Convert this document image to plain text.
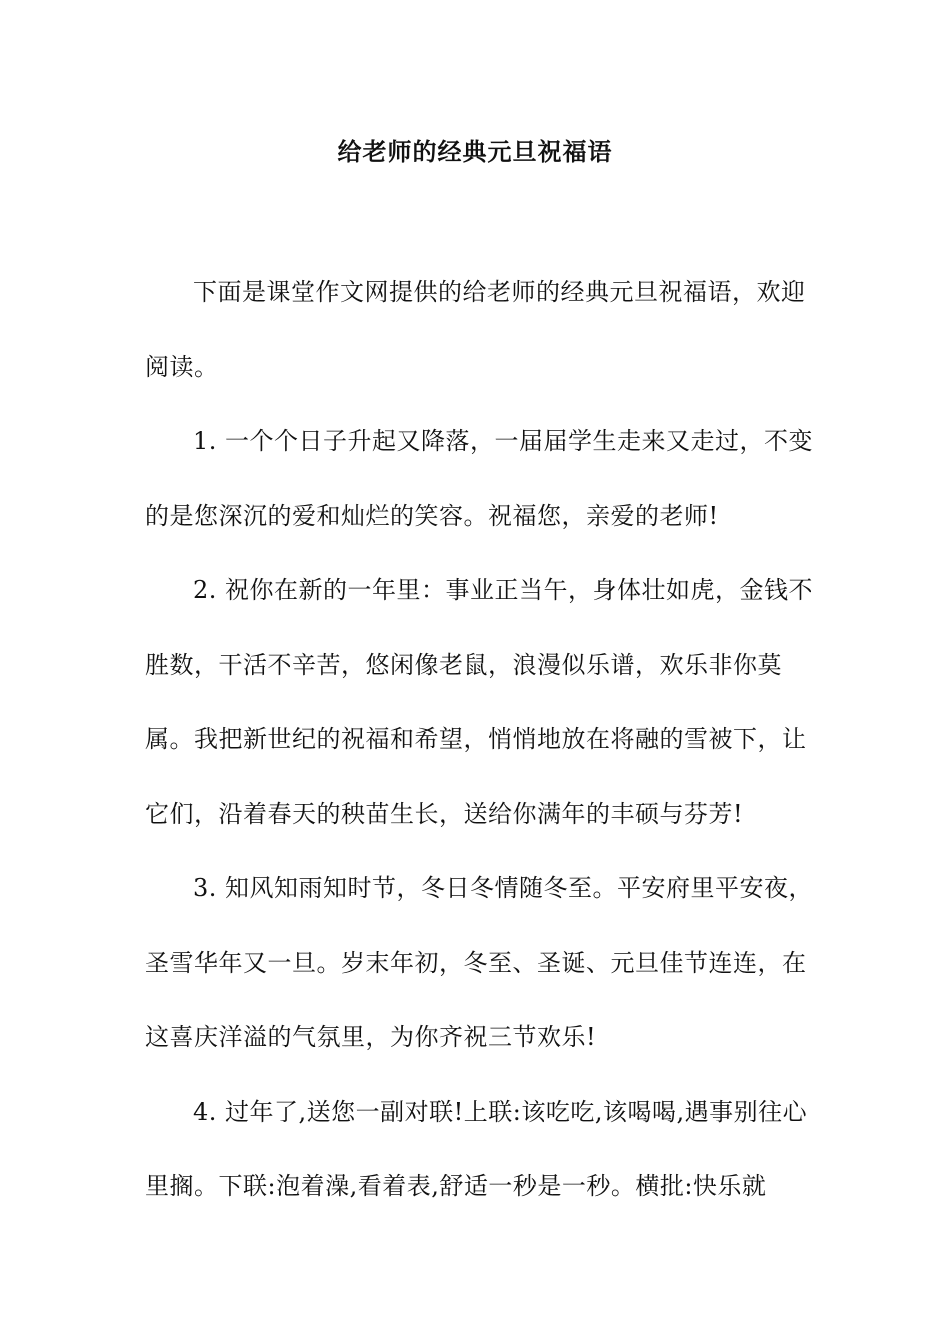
给老师的经典元旦祝福语

下面是课堂作文网提供的给老师的经典元旦祝福语，欢迎阅读。

1. 一个个日子升起又降落，一届届学生走来又走过，不变的是您深沉的爱和灿烂的笑容。祝福您，亲爱的老师!

2. 祝你在新的一年里：事业正当午，身体壮如虎，金钱不胜数，干活不辛苦，悠闲像老鼠，浪漫似乐谱，欢乐非你莫属。我把新世纪的祝福和希望，悄悄地放在将融的雪被下，让它们，沿着春天的秧苗生长，送给你满年的丰硕与芬芳!

3. 知风知雨知时节，冬日冬情随冬至。平安府里平安夜，圣雪华年又一旦。岁末年初，冬至、圣诞、元旦佳节连连，在这喜庆洋溢的气氛里，为你齐祝三节欢乐!

4. 过年了,送您一副对联!上联:该吃吃,该喝喝,遇事别往心里搁。下联:泡着澡,看着表,舒适一秒是一秒。横批:快乐就
